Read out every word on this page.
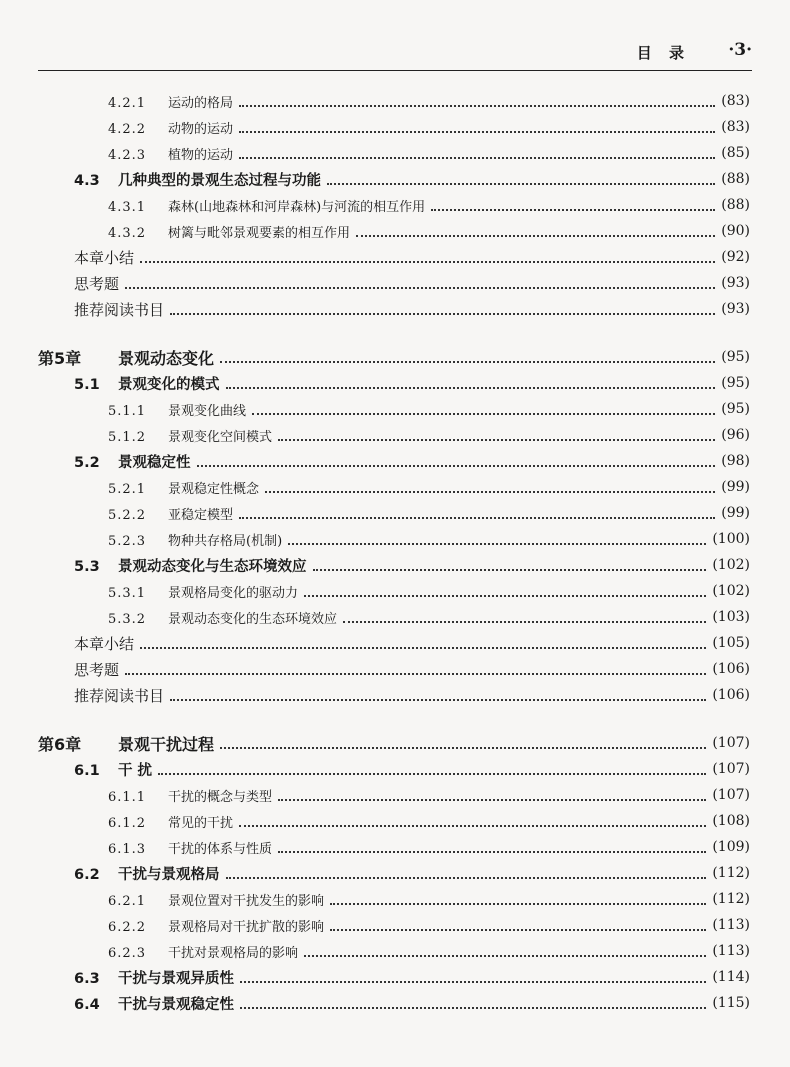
目 录 ·3·
4.2.1	运动的格局	(83)
4.2.2	动物的运动	(83)
4.2.3	植物的运动	(85)
4.3	几种典型的景观生态过程与功能	(88)
4.3.1	森林(山地森林和河岸森林)与河流的相互作用	(88)
4.3.2	树篱与毗邻景观要素的相互作用	(90)
本章小结	(92)
思考题	(93)
推荐阅读书目	(93)
第5章	景观动态变化	(95)
5.1	景观变化的模式	(95)
5.1.1	景观变化曲线	(95)
5.1.2	景观变化空间模式	(96)
5.2	景观稳定性	(98)
5.2.1	景观稳定性概念	(99)
5.2.2	亚稳定模型	(99)
5.2.3	物种共存格局(机制)	(100)
5.3	景观动态变化与生态环境效应	(102)
5.3.1	景观格局变化的驱动力	(102)
5.3.2	景观动态变化的生态环境效应	(103)
本章小结	(105)
思考题	(106)
推荐阅读书目	(106)
第6章	景观干扰过程	(107)
6.1	干 扰	(107)
6.1.1	干扰的概念与类型	(107)
6.1.2	常见的干扰	(108)
6.1.3	干扰的体系与性质	(109)
6.2	干扰与景观格局	(112)
6.2.1	景观位置对干扰发生的影响	(112)
6.2.2	景观格局对干扰扩散的影响	(113)
6.2.3	干扰对景观格局的影响	(113)
6.3	干扰与景观异质性	(114)
6.4	干扰与景观稳定性	(115)
